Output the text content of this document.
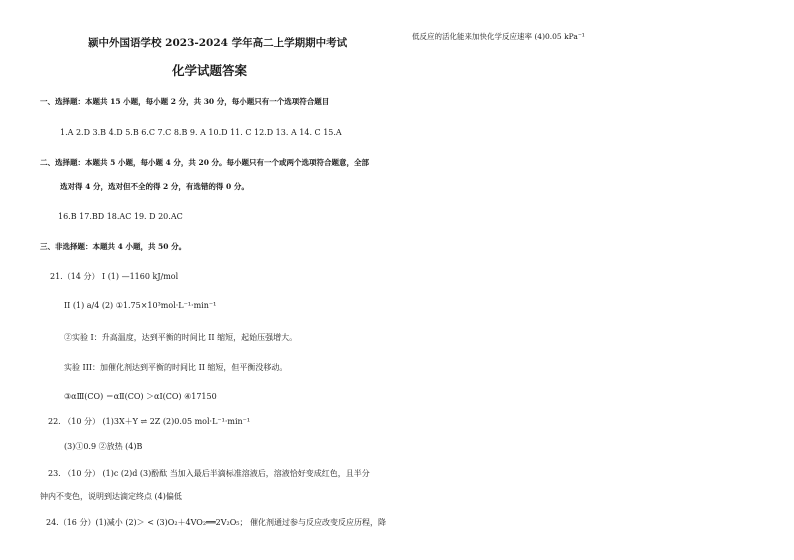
颍中外国语学校 2023-2024 学年高二上学期期中考试
化学试题答案
低反应的活化能来加快化学反应速率 (4)0.05 kPa⁻¹
一、选择题：本题共 15 小题，每小题 2 分，共 30 分，每小题只有一个选项符合题目
1.A 2.D 3.B 4.D 5.B 6.C 7.C 8.B 9. A 10.D 11. C 12.D 13. A 14. C 15.A
二、选择题：本题共 5 小题，每小题 4 分，共 20 分。每小题只有一个或两个选项符合题意，全部
选对得 4 分，选对但不全的得 2 分，有选错的得 0 分。
16.B 17.BD 18.AC 19. D 20.AC
三、非选择题：本题共 4 小题，共 50 分。
21.（14 分） I (1) —1160 kJ/mol
II (1) a/4 (2) ①1.75×10³mol·L⁻¹·min⁻¹
②实验 I：升高温度，达到平衡的时间比 II 缩短，起始压强增大。
实验 III：加催化剂达到平衡的时间比 II 缩短，但平衡没移动。
③αⅢ(CO) ＝αⅡ(CO) ＞αⅠ(CO) ④17150
22. （10 分） (1)3X＋Y ⇌ 2Z (2)0.05 mol·L⁻¹·min⁻¹
(3)①0.9 ②放热 (4)B
23. （10 分） (1)c (2)d (3)酚酞 当加入最后半滴标准溶液后，溶液恰好变成红色，且半分
钟内不变色，说明到达滴定终点 (4)偏低
24.（16 分）(1)减小 (2)＞ < (3)O₂＋4VO₂══2V₂O₅； 催化剂通过参与反应改变反应历程，降
